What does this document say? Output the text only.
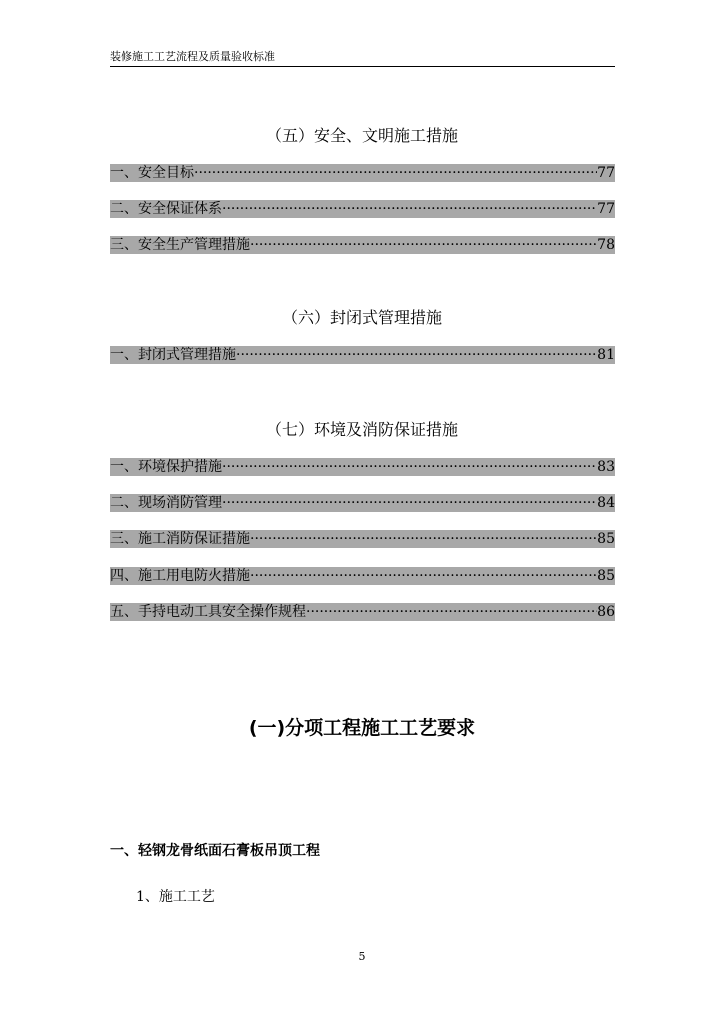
装修施工工艺流程及质量验收标准
（五）安全、文明施工措施
一、安全目标 ·····	77
二、安全保证体系 ·····	77
三、安全生产管理措施 ·····	78
（六）封闭式管理措施
一、封闭式管理措施 ·····	81
（七）环境及消防保证措施
一、环境保护措施 ·····	83
二、现场消防管理 ·····	84
三、施工消防保证措施 ·····	85
四、施工用电防火措施 ·····	85
五、手持电动工具安全操作规程 ·····	86
(一)分项工程施工工艺要求
一、轻钢龙骨纸面石膏板吊顶工程
1、施工工艺
5
